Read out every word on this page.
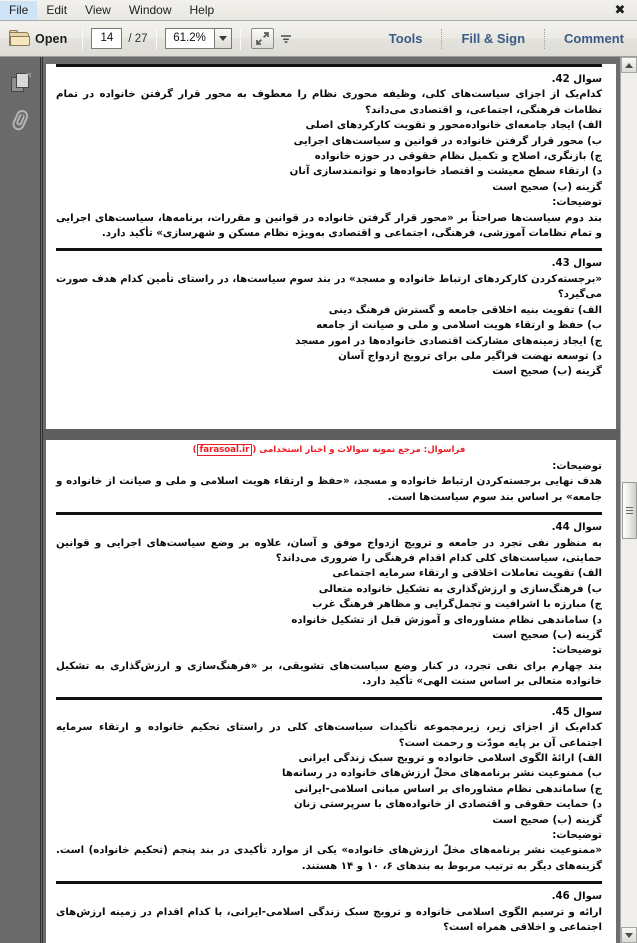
File	Edit	View	Window	Help	✖
Open	14	/ 27	61.2%	Tools	Fill & Sign	Comment
سوال 42.
کدام‌یک از اجزای سیاست‌های کلی، وظیفه محوری نظام را معطوف به محور قرار گرفتن خانواده در تمام نظامات فرهنگی، اجتماعی، و اقتصادی می‌داند؟
الف) ایجاد جامعه‌ای خانواده‌محور و تقویت کارکردهای اصلی
ب) محور قرار گرفتن خانواده در قوانین و سیاست‌های اجرایی
ج) بازنگری، اصلاح و تکمیل نظام حقوقی در حوزه خانواده
د) ارتقاء سطح معیشت و اقتصاد خانواده‌ها و توانمندسازی آنان
گزینه (ب) صحیح است
توضیحات:
بند دوم سیاست‌ها صراحتاً بر «محور قرار گرفتن خانواده در قوانین و مقررات، برنامه‌ها، سیاست‌های اجرایی و تمام نظامات آموزشی، فرهنگی، اجتماعی و اقتصادی به‌ویژه نظام مسکن و شهرسازی» تأکید دارد.
سوال 43.
«برجسته‌کردن کارکردهای ارتباط خانواده و مسجد» در بند سوم سیاست‌ها، در راستای تأمین کدام هدف صورت می‌گیرد؟
الف) تقویت بنیه اخلاقی جامعه و گسترش فرهنگ دینی
ب) حفظ و ارتقاء هویت اسلامی و ملی و صیانت از جامعه
ج) ایجاد زمینه‌های مشارکت اقتصادی خانواده‌ها در امور مسجد
د) توسعه نهضت فراگیر ملی برای ترویج ازدواج آسان
گزینه (ب) صحیح است
فراسوال: مرجع نمونه سوالات و اخبار استخدامی (farasoal.ir)
توضیحات:
هدف نهایی برجسته‌کردن ارتباط خانواده و مسجد، «حفظ و ارتقاء هویت اسلامی و ملی و صیانت از خانواده و جامعه» بر اساس بند سوم سیاست‌ها است.
سوال 44.
به منظور نفی تجرد در جامعه و ترویج ازدواج موفق و آسان، علاوه بر وضع سیاست‌های اجرایی و قوانین حمایتی، سیاست‌های کلی کدام اقدام فرهنگی را ضروری می‌داند؟
الف) تقویت تعاملات اخلاقی و ارتقاء سرمایه اجتماعی
ب) فرهنگ‌سازی و ارزش‌گذاری به تشکیل خانواده متعالی
ج) مبارزه با اشرافیت و تجمل‌گرایی و مظاهر فرهنگ غرب
د) ساماندهی نظام مشاوره‌ای و آموزش قبل از تشکیل خانواده
گزینه (ب) صحیح است
توضیحات:
بند چهارم برای نفی تجرد، در کنار وضع سیاست‌های تشویقی، بر «فرهنگ‌سازی و ارزش‌گذاری به تشکیل خانواده متعالی بر اساس سنت الهی» تأکید دارد.
سوال 45.
کدام‌یک از اجزای زیر، زیرمجموعه تأکیدات سیاست‌های کلی در راستای تحکیم خانواده و ارتقاء سرمایه اجتماعی آن بر پایه مودّت و رحمت است؟
الف) ارائهٔ الگوی اسلامی خانواده و ترویج سبک زندگی ایرانی
ب) ممنوعیت نشر برنامه‌های مخلّ ارزش‌های خانواده در رسانه‌ها
ج) ساماندهی نظام مشاوره‌ای بر اساس مبانی اسلامی-ایرانی
د) حمایت حقوقی و اقتصادی از خانواده‌های با سرپرستی زنان
گزینه (ب) صحیح است
توضیحات:
«ممنوعیت نشر برنامه‌های مخلّ ارزش‌های خانواده» یکی از موارد تأکیدی در بند پنجم (تحکیم خانواده) است. گزینه‌های دیگر به ترتیب مربوط به بندهای ۶، ۱۰ و ۱۴ هستند.
سوال 46.
ارائه و ترسیم الگوی اسلامی خانواده و ترویج سبک زندگی اسلامی-ایرانی، با کدام اقدام در زمینه ارزش‌های اجتماعی و اخلاقی همراه است؟
